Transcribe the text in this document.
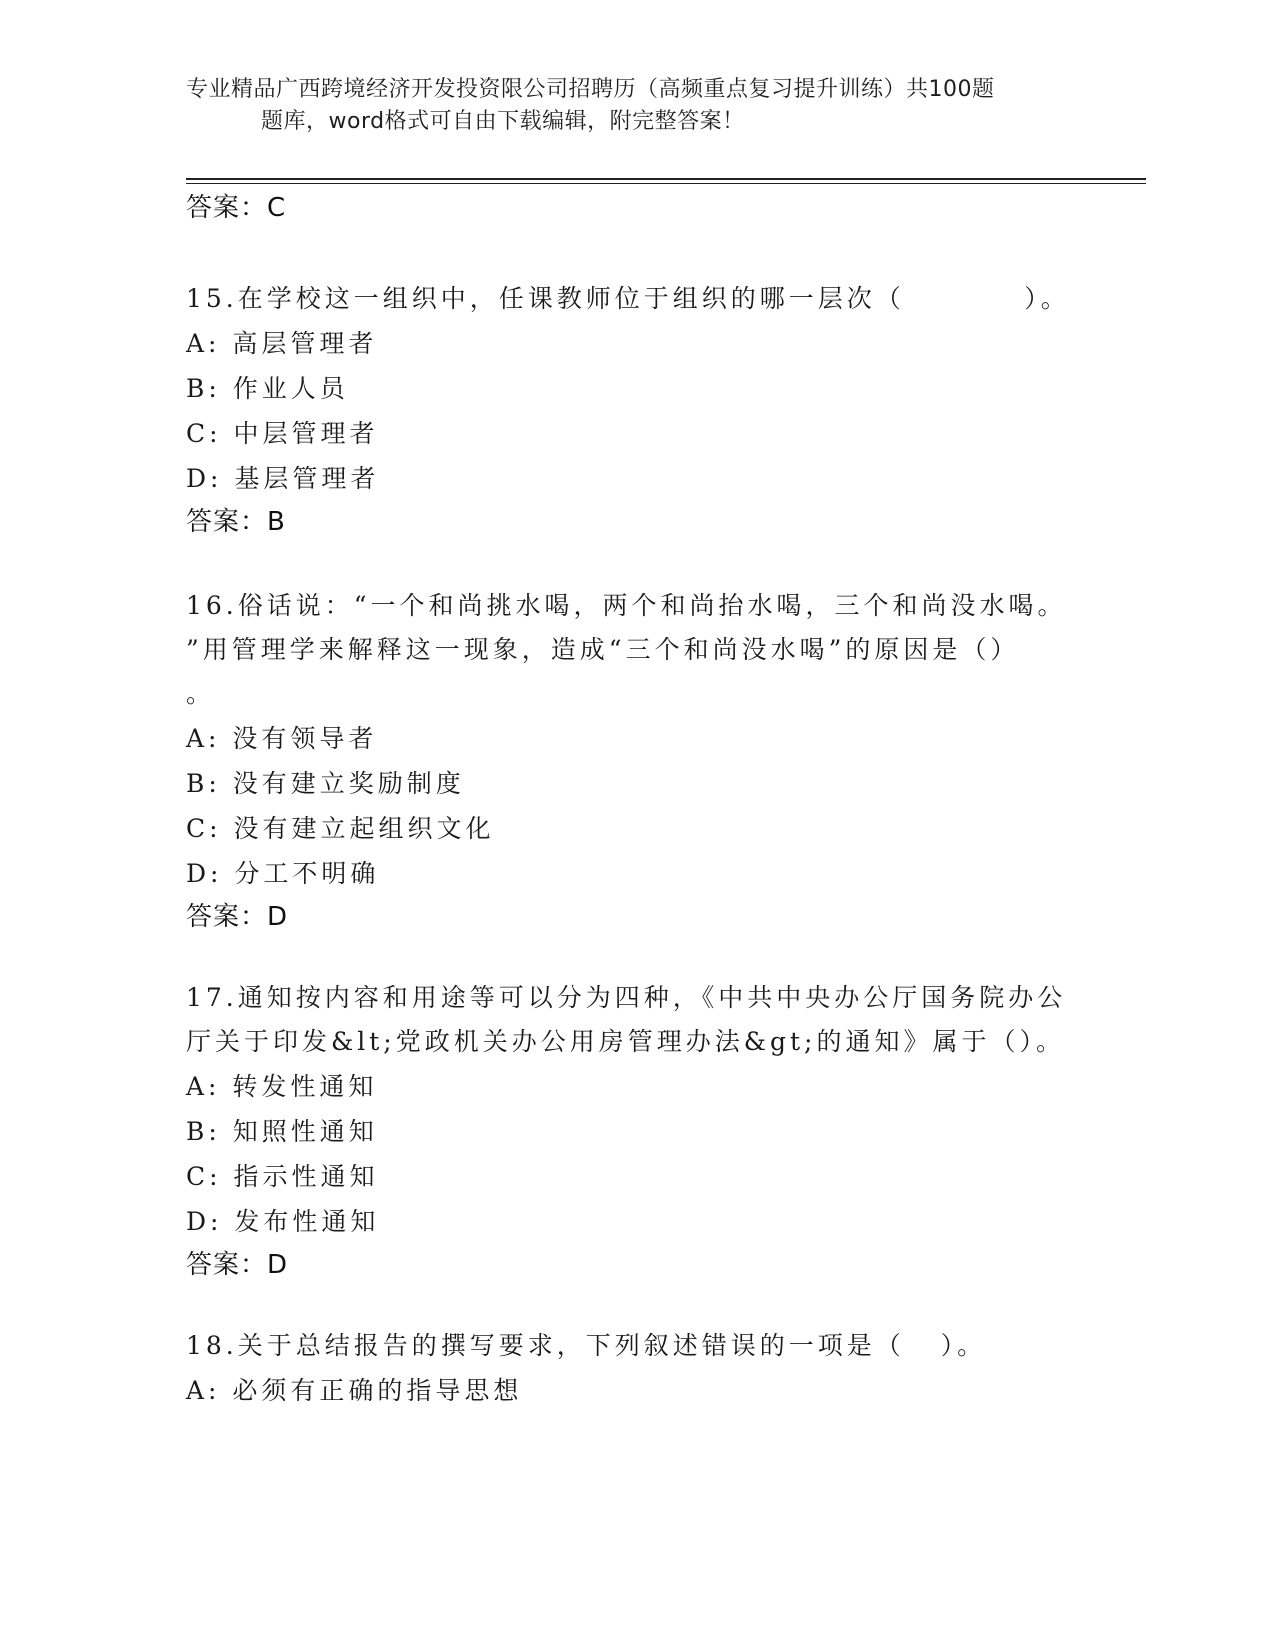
专业精品广西跨境经济开发投资限公司招聘历（高频重点复习提升训练）共100题
题库，word格式可自由下载编辑，附完整答案！
答案：C
15.在学校这一组织中，任课教师位于组织的哪一层次（          ）。
A: 高层管理者
B: 作业人员
C: 中层管理者
D: 基层管理者
答案：B
16.俗话说：“一个和尚挑水喝，两个和尚抬水喝，三个和尚没水喝。
”用管理学来解释这一现象，造成“三个和尚没水喝”的原因是（）
。
A: 没有领导者
B: 没有建立奖励制度
C: 没有建立起组织文化
D: 分工不明确
答案：D
17.通知按内容和用途等可以分为四种，《中共中央办公厅国务院办公
厅关于印发&lt;党政机关办公用房管理办法&gt;的通知》属于（）。
A: 转发性通知
B: 知照性通知
C: 指示性通知
D: 发布性通知
答案：D
18.关于总结报告的撰写要求，下列叙述错误的一项是（   ）。
A: 必须有正确的指导思想
